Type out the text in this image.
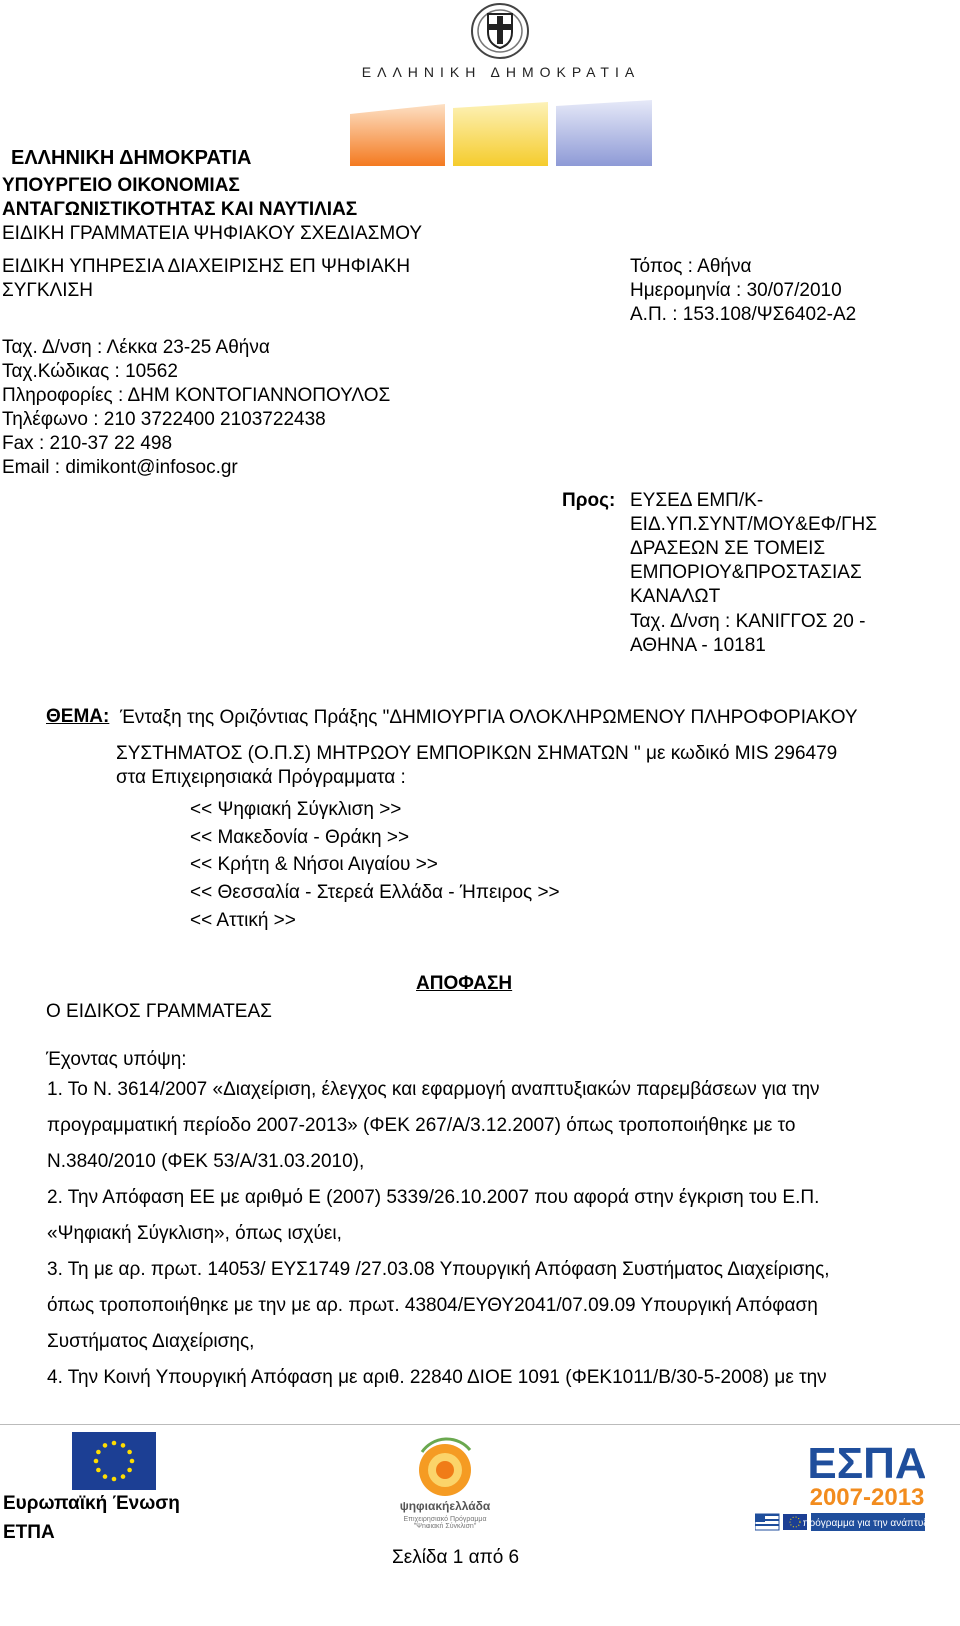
ΕΛΛΗΝΙΚΗ ΔΗΜΟΚΡΑΤΙΑ
ΕΛΛΗΝΙΚΗ ΔΗΜΟΚΡΑΤΙΑ
ΥΠΟΥΡΓΕΙΟ ΟΙΚΟΝΟΜΙΑΣ
ΑΝΤΑΓΩΝΙΣΤΙΚΟΤΗΤΑΣ ΚΑΙ ΝΑΥΤΙΛΙΑΣ
ΕΙΔΙΚΗ ΓΡΑΜΜΑΤΕΙΑ ΨΗΦΙΑΚΟΥ ΣΧΕΔΙΑΣΜΟΥ
ΕΙΔΙΚΗ ΥΠΗΡΕΣΙΑ ΔΙΑΧΕΙΡΙΣΗΣ ΕΠ ΨΗΦΙΑΚΗ
ΣΥΓΚΛΙΣΗ
Τόπος : Αθήνα
Ημερομηνία : 30/07/2010
Α.Π. : 153.108/ΨΣ6402-Α2
Ταχ. Δ/νση : Λέκκα 23-25 Αθήνα
Ταχ.Κώδικας : 10562
Πληροφορίες : ΔΗΜ ΚΟΝΤΟΓΙΑΝΝΟΠΟΥΛΟΣ
Τηλέφωνο : 210 3722400 2103722438
Fax : 210-37 22 498
Email : dimikont@infosoc.gr
Προς: ΕΥΣΕΔ ΕΜΠ/Κ-
ΕΙΔ.ΥΠ.ΣΥΝΤ/ΜΟΥ&ΕΦ/ΓΗΣ
ΔΡΑΣΕΩΝ ΣΕ ΤΟΜΕΙΣ
ΕΜΠΟΡΙΟΥ&ΠΡΟΣΤΑΣΙΑΣ
ΚΑΝΑΛΩΤ
Ταχ. Δ/νση : ΚΑΝΙΓΓΟΣ 20 -
ΑΘΗΝΑ - 10181
ΘΕΜΑ: Ένταξη της Οριζόντιας Πράξης "ΔΗΜΙΟΥΡΓΙΑ ΟΛΟΚΛΗΡΩΜΕΝΟΥ ΠΛΗΡΟΦΟΡΙΑΚΟΥ
ΣΥΣΤΗΜΑΤΟΣ (Ο.Π.Σ) ΜΗΤΡΩΟΥ ΕΜΠΟΡΙΚΩΝ ΣΗΜΑΤΩΝ " με κωδικό MIS 296479
στα Επιχειρησιακά Πρόγραμματα :
<< Ψηφιακή Σύγκλιση >>
<< Μακεδονία - Θράκη >>
<< Κρήτη & Νήσοι Αιγαίου >>
<< Θεσσαλία - Στερεά Ελλάδα - Ήπειρος >>
<< Αττική >>
ΑΠΟΦΑΣΗ
Ο ΕΙΔΙΚΟΣ ΓΡΑΜΜΑΤΕΑΣ
Έχοντας υπόψη:
1. Το Ν. 3614/2007 «Διαχείριση, έλεγχος και εφαρμογή αναπτυξιακών παρεμβάσεων για την
προγραμματική περίοδο 2007-2013» (ΦΕΚ 267/Α/3.12.2007) όπως τροποποιήθηκε με το
Ν.3840/2010 (ΦΕΚ 53/Α/31.03.2010),
2. Την Απόφαση ΕΕ με αριθμό Ε (2007) 5339/26.10.2007 που αφορά στην έγκριση του Ε.Π.
«Ψηφιακή Σύγκλιση», όπως ισχύει,
3. Τη με αρ. πρωτ. 14053/ ΕΥΣ1749 /27.03.08 Υπουργική Απόφαση Συστήματος Διαχείρισης,
όπως τροποποιήθηκε με την με αρ. πρωτ. 43804/ΕΥΘΥ2041/07.09.09 Υπουργική Απόφαση
Συστήματος Διαχείρισης,
4. Την Κοινή Υπουργική Απόφαση με αριθ. 22840 ΔΙΟΕ 1091 (ΦΕΚ1011/Β/30-5-2008) με την
Ευρωπαϊκή Ένωση
ΕΤΠΑ
ψηφιακήελλάδα
Επιχειρησιακό Πρόγραμμα
"Ψηφιακή Σύγκλιση"
ΕΣΠΑ
2007-2013
πρόγραμμα για την ανάπτυξη
Σελίδα 1 από 6
